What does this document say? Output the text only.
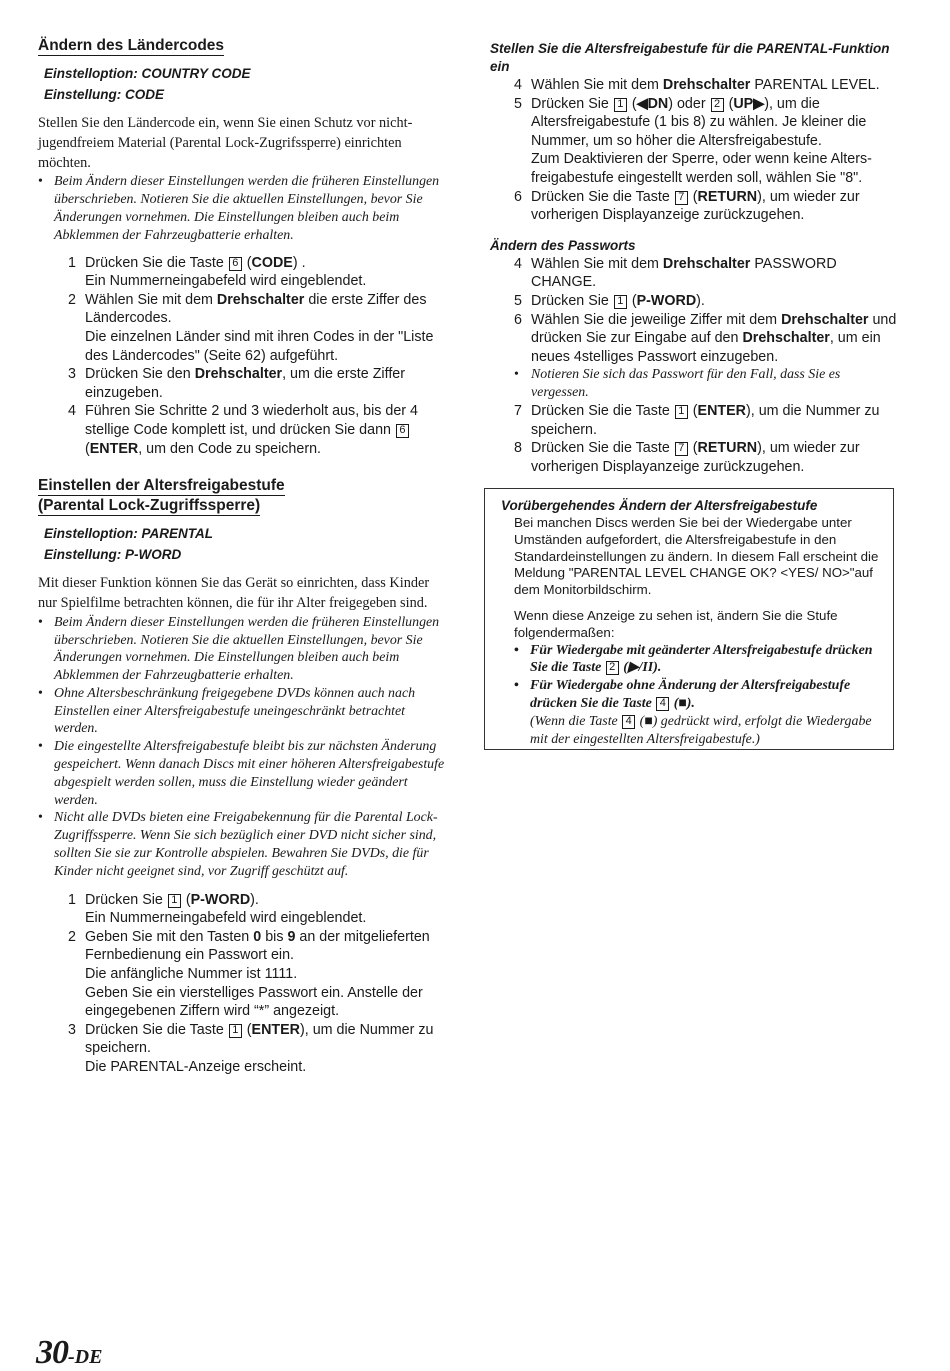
Ändern des Ländercodes
Einstelloption: COUNTRY CODE
Einstellung: CODE

Stellen Sie den Ländercode ein, wenn Sie einen Schutz vor nicht-jugendfreiem Material (Parental Lock-Zugrifssperre) einrichten möchten.

• Beim Ändern dieser Einstellungen werden die früheren Einstellungen überschrieben. Notieren Sie die aktuellen Einstellungen, bevor Sie Änderungen vornehmen. Die Einstellungen bleiben auch beim Abklemmen der Fahrzeugbatterie erhalten.
1 Drücken Sie die Taste 6 (CODE) .
Ein Nummerneingabefeld wird eingeblendet.
2 Wählen Sie mit dem Drehschalter die erste Ziffer des Ländercodes.
Die einzelnen Länder sind mit ihren Codes in der "Liste des Ländercodes" (Seite 62) aufgeführt.
3 Drücken Sie den Drehschalter, um die erste Ziffer einzugeben.
4 Führen Sie Schritte 2 und 3 wiederholt aus, bis der 4 stellige Code komplett ist, und drücken Sie dann 6
(ENTER, um den Code zu speichern.
Einstellen der Altersfreigabestufe
(Parental Lock-Zugriffssperre)
Einstelloption: PARENTAL
Einstellung: P-WORD

Mit dieser Funktion können Sie das Gerät so einrichten, dass Kinder nur Spielfilme betrachten können, die für ihr Alter freigegeben sind.

• Beim Ändern dieser Einstellungen werden die früheren Einstellungen überschrieben. Notieren Sie die aktuellen Einstellungen, bevor Sie Änderungen vornehmen. Die Einstellungen bleiben auch beim Abklemmen der Fahrzeugbatterie erhalten.
• Ohne Altersbeschränkung freigegebene DVDs können auch nach Einstellen einer Altersfreigabestufe uneingeschränkt betrachtet werden.
• Die eingestellte Altersfreigabestufe bleibt bis zur nächsten Änderung gespeichert. Wenn danach Discs mit einer höheren Altersfreigabestufe abgespielt werden sollen, muss die Einstellung wieder geändert werden.
• Nicht alle DVDs bieten eine Freigabekennung für die Parental Lock-Zugriffssperre. Wenn Sie sich bezüglich einer DVD nicht sicher sind, sollten Sie sie zur Kontrolle abspielen. Bewahren Sie DVDs, die für Kinder nicht geeignet sind, vor Zugriff geschützt auf.
1 Drücken Sie 1 (P-WORD).
Ein Nummerneingabefeld wird eingeblendet.
2 Geben Sie mit den Tasten 0 bis 9 an der mitgelieferten Fernbedienung ein Passwort ein.
Die anfängliche Nummer ist 1111.
Geben Sie ein vierstelliges Passwort ein. Anstelle der eingegebenen Ziffern wird “*” angezeigt.
3 Drücken Sie die Taste 1 (ENTER), um die Nummer zu speichern.
Die PARENTAL-Anzeige erscheint.

Stellen Sie die Altersfreigabestufe für die PARENTAL-Funktion ein

4 Wählen Sie mit dem Drehschalter PARENTAL LEVEL.
5 Drücken Sie 1 (◀DN) oder 2 (UP▶), um die Altersfreigabestufe (1 bis 8) zu wählen. Je kleiner die Nummer, um so höher die Altersfreigabestufe.
Zum Deaktivieren der Sperre, oder wenn keine Alters-freigabestufe eingestellt werden soll, wählen Sie "8".
6 Drücken Sie die Taste 7 (RETURN), um wieder zur vorherigen Displayanzeige zurückzugehen.

Ändern des Passworts

4 Wählen Sie mit dem Drehschalter PASSWORD CHANGE.
5 Drücken Sie 1 (P-WORD).
6 Wählen Sie die jeweilige Ziffer mit dem Drehschalter und drücken Sie zur Eingabe auf den Drehschalter, um ein neues 4stelliges Passwort einzugeben.
• Notieren Sie sich das Passwort für den Fall, dass Sie es vergessen.
7 Drücken Sie die Taste 1 (ENTER), um die Nummer zu speichern.
8 Drücken Sie die Taste 7 (RETURN), um wieder zur vorherigen Displayanzeige zurückzugehen.

Vorübergehendes Ändern der Altersfreigabestufe

Bei manchen Discs werden Sie bei der Wiedergabe unter Umständen aufgefordert, die Altersfreigabestufe in den Standardeinstellungen zu ändern. In diesem Fall erscheint die Meldung "PARENTAL LEVEL CHANGE OK? <YES/ NO>"auf dem Monitorbildschirm.
Wenn diese Anzeige zu sehen ist, ändern Sie die Stufe folgendermaßen:
• Für Wiedergabe mit geänderter Altersfreigabestufe drücken Sie die Taste 2 (▶/II).
• Für Wiedergabe ohne Änderung der Altersfreigabestufe drücken Sie die Taste 4 (■).
(Wenn die Taste 4 (■) gedrückt wird, erfolgt die Wiedergabe mit der eingestellten Altersfreigabestufe.)
30-DE
